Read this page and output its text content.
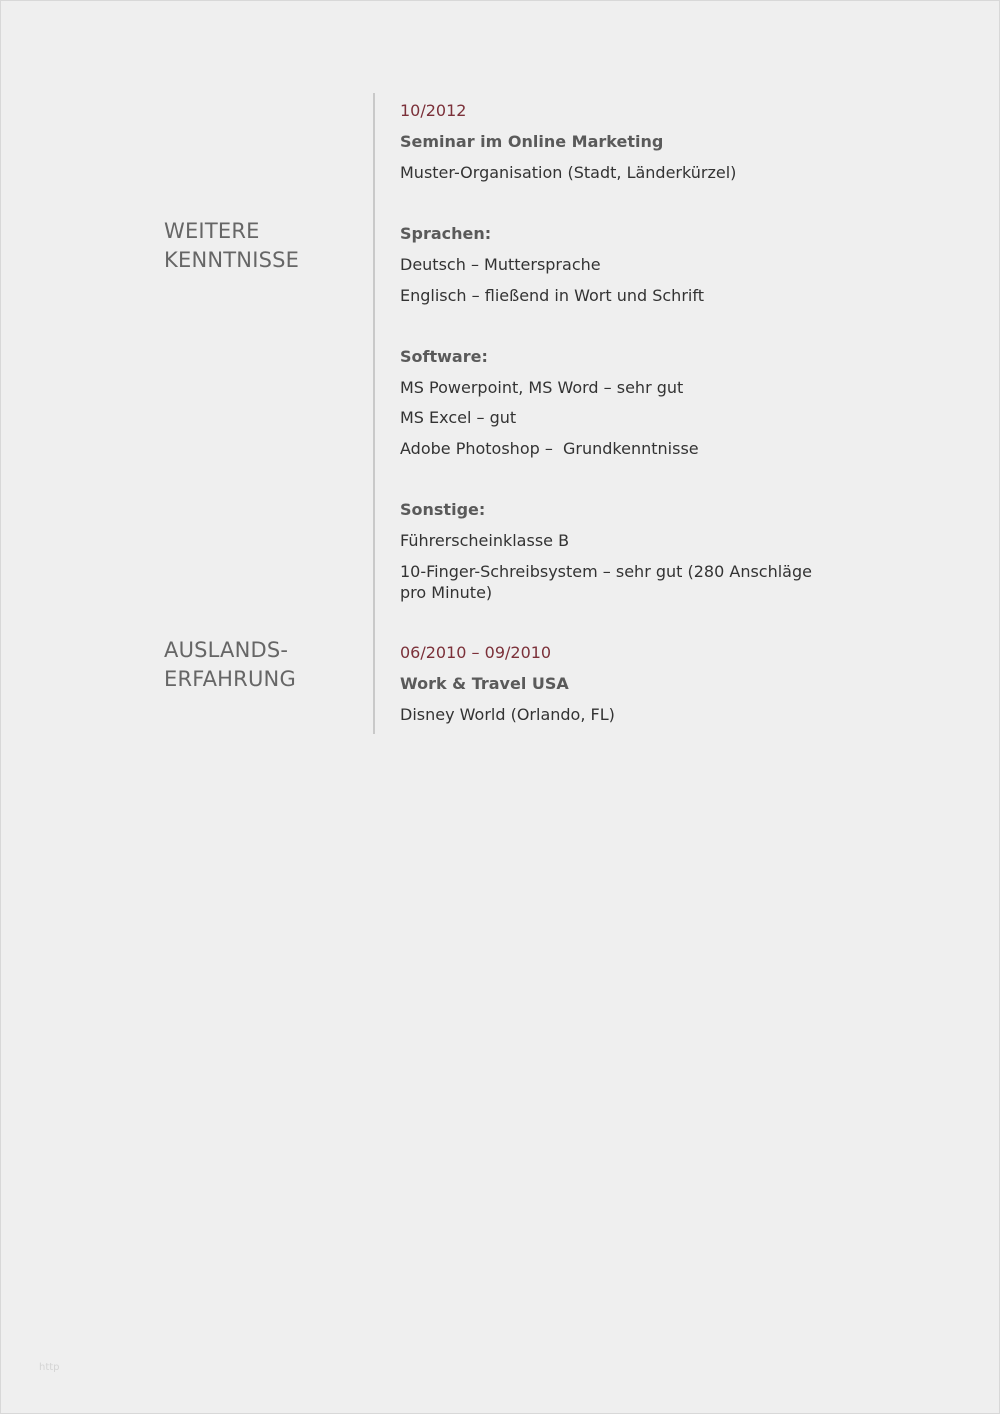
10/2012

Seminar im Online Marketing

Muster-Organisation (Stadt, Länderkürzel)

WEITERE
KENNTNISSE

Sprachen:

Deutsch – Muttersprache

Englisch – fließend in Wort und Schrift

Software:

MS Powerpoint, MS Word – sehr gut

MS Excel – gut

Adobe Photoshop –  Grundkenntnisse

Sonstige:

Führerscheinklasse B

10-Finger-Schreibsystem – sehr gut (280 Anschläge pro Minute)

AUSLANDS-
ERFAHRUNG

06/2010 – 09/2010

Work & Travel USA

Disney World (Orlando, FL)

http
